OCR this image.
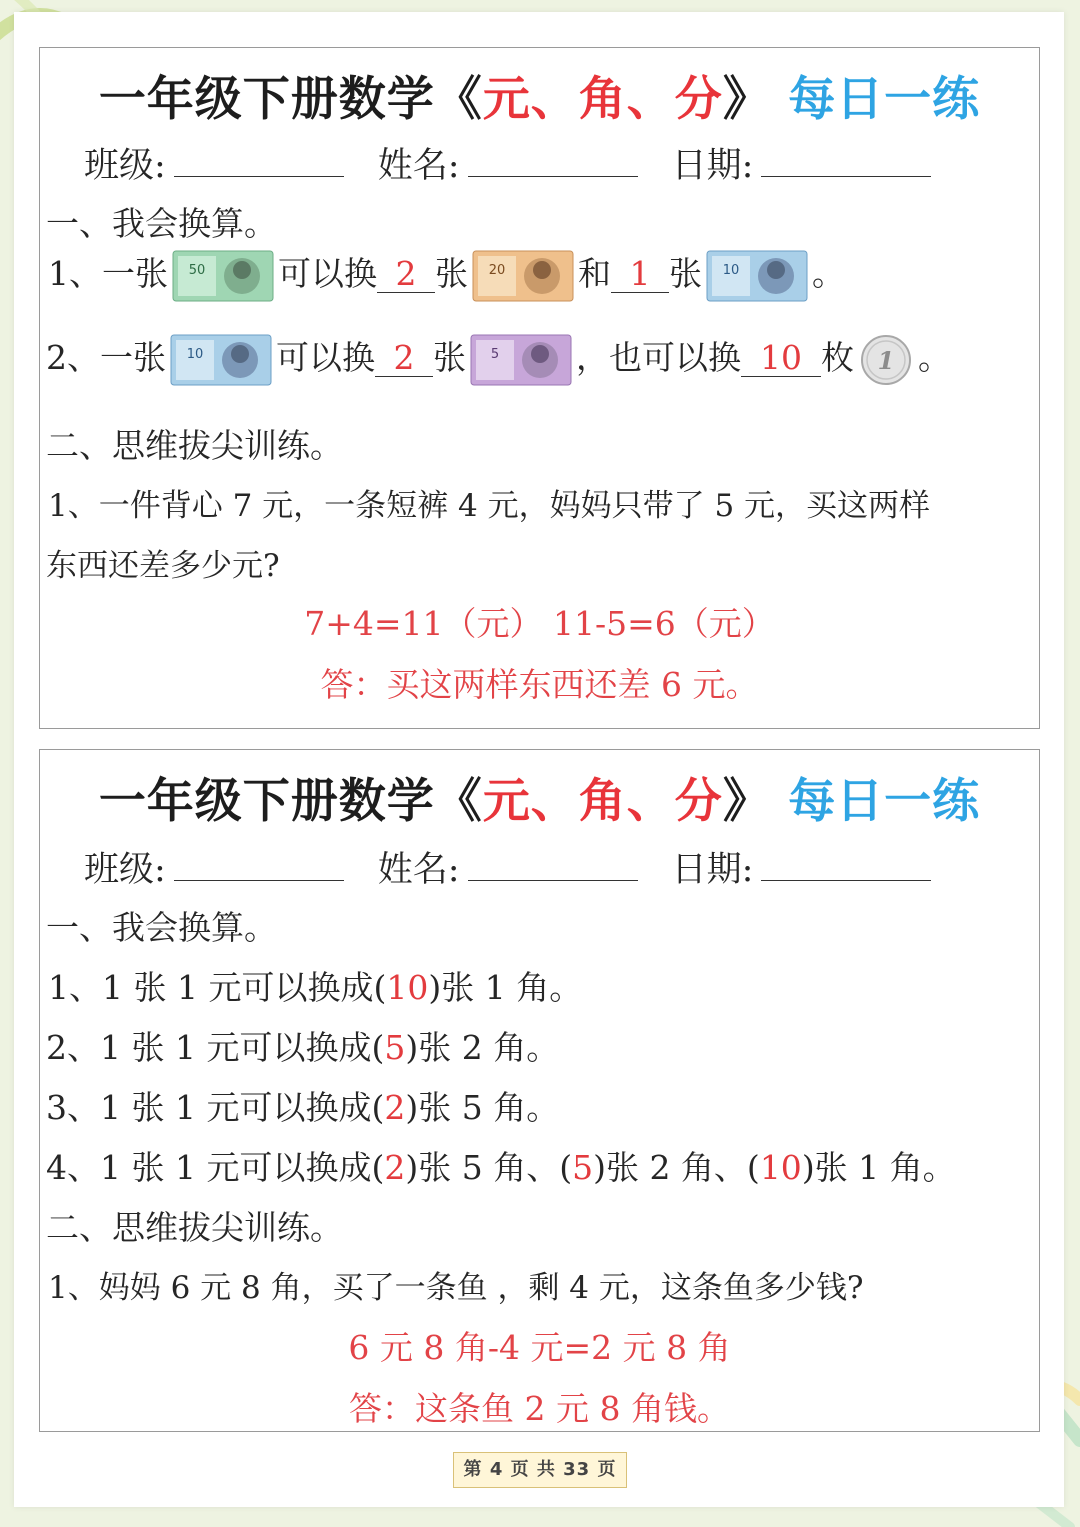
一年级下册数学《元、角、分》 每日一练
班级:	姓名:	日期:
一、我会换算。
1、一张 50 可以换 2 张 20 和 1 张 10 。
2、一张 10 可以换 2 张 5 ，也可以换 10 枚 1 。
二、思维拔尖训练。
1、一件背心 7 元，一条短裤 4 元，妈妈只带了 5 元，买这两样
东西还差多少元?
7+4=11（元） 11-5=6（元）
答：买这两样东西还差 6 元。
一年级下册数学《元、角、分》 每日一练
班级:	姓名:	日期:
一、我会换算。
1、1 张 1 元可以换成(10)张 1 角。
2、1 张 1 元可以换成(5)张 2 角。
3、1 张 1 元可以换成(2)张 5 角。
4、1 张 1 元可以换成(2)张 5 角、(5)张 2 角、(10)张 1 角。
二、思维拔尖训练。
1、妈妈 6 元 8 角，买了一条鱼 ，剩 4 元，这条鱼多少钱?
6 元 8 角-4 元=2 元 8 角
答：这条鱼 2 元 8 角钱。
第 4 页 共 33 页
